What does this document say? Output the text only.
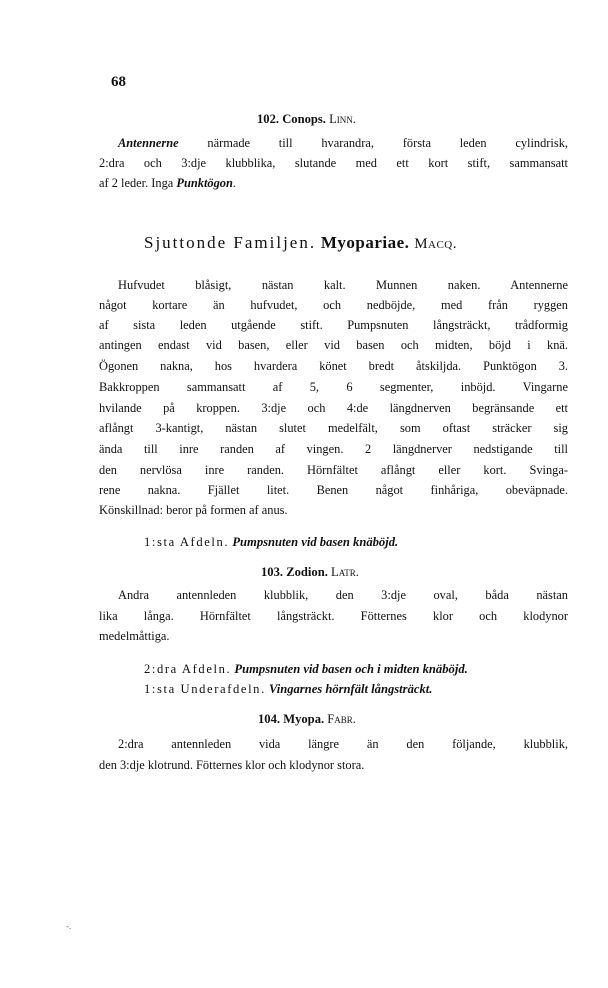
68
102. Conops. Linn.
Antennerne närmade till hvarandra, första leden cylindrisk,
2:dra och 3:dje klubblika, slutande med ett kort stift, sammansatt
af 2 leder. Inga Punktögon.
Sjuttonde Familjen. Myopariae. Macq.
Hufvudet blåsigt, nästan kalt. Munnen naken. Antennerne
något kortare än hufvudet, och nedböjde, med från ryggen
af sista leden utgående stift. Pumpsnuten långsträckt, trådformig
antingen endast vid basen, eller vid basen och midten, böjd i knä.
Ögonen nakna, hos hvardera könet bredt åtskiljda. Punktögon 3.
Bakkroppen sammansatt af 5, 6 segmenter, inböjd. Vingarne
hvilande på kroppen. 3:dje och 4:de längdnerven begränsande ett
aflångt 3-kantigt, nästan slutet medelfält, som oftast sträcker sig
ända till inre randen af vingen. 2 längdnerver nedstigande till
den nervlösa inre randen. Hörnfältet aflångt eller kort. Svinga-
rene nakna. Fjället litet. Benen något finhåriga, obeväpnade.
Könskillnad: beror på formen af anus.
1:sta Afdeln. Pumpsnuten vid basen knäböjd.
103. Zodion. Latr.
Andra antennleden klubblik, den 3:dje oval, båda nästan
lika långa. Hörnfältet långsträckt. Fötternes klor och klodynor
medelmåttiga.
2:dra Afdeln. Pumpsnuten vid basen och i midten knäböjd.
1:sta Underafdeln. Vingarnes hörnfält långsträckt.
104. Myopa. Fabr.
2:dra antennleden vida längre än den följande, klubblik,
den 3:dje klotrund. Fötternes klor och klodynor stora.
-.
